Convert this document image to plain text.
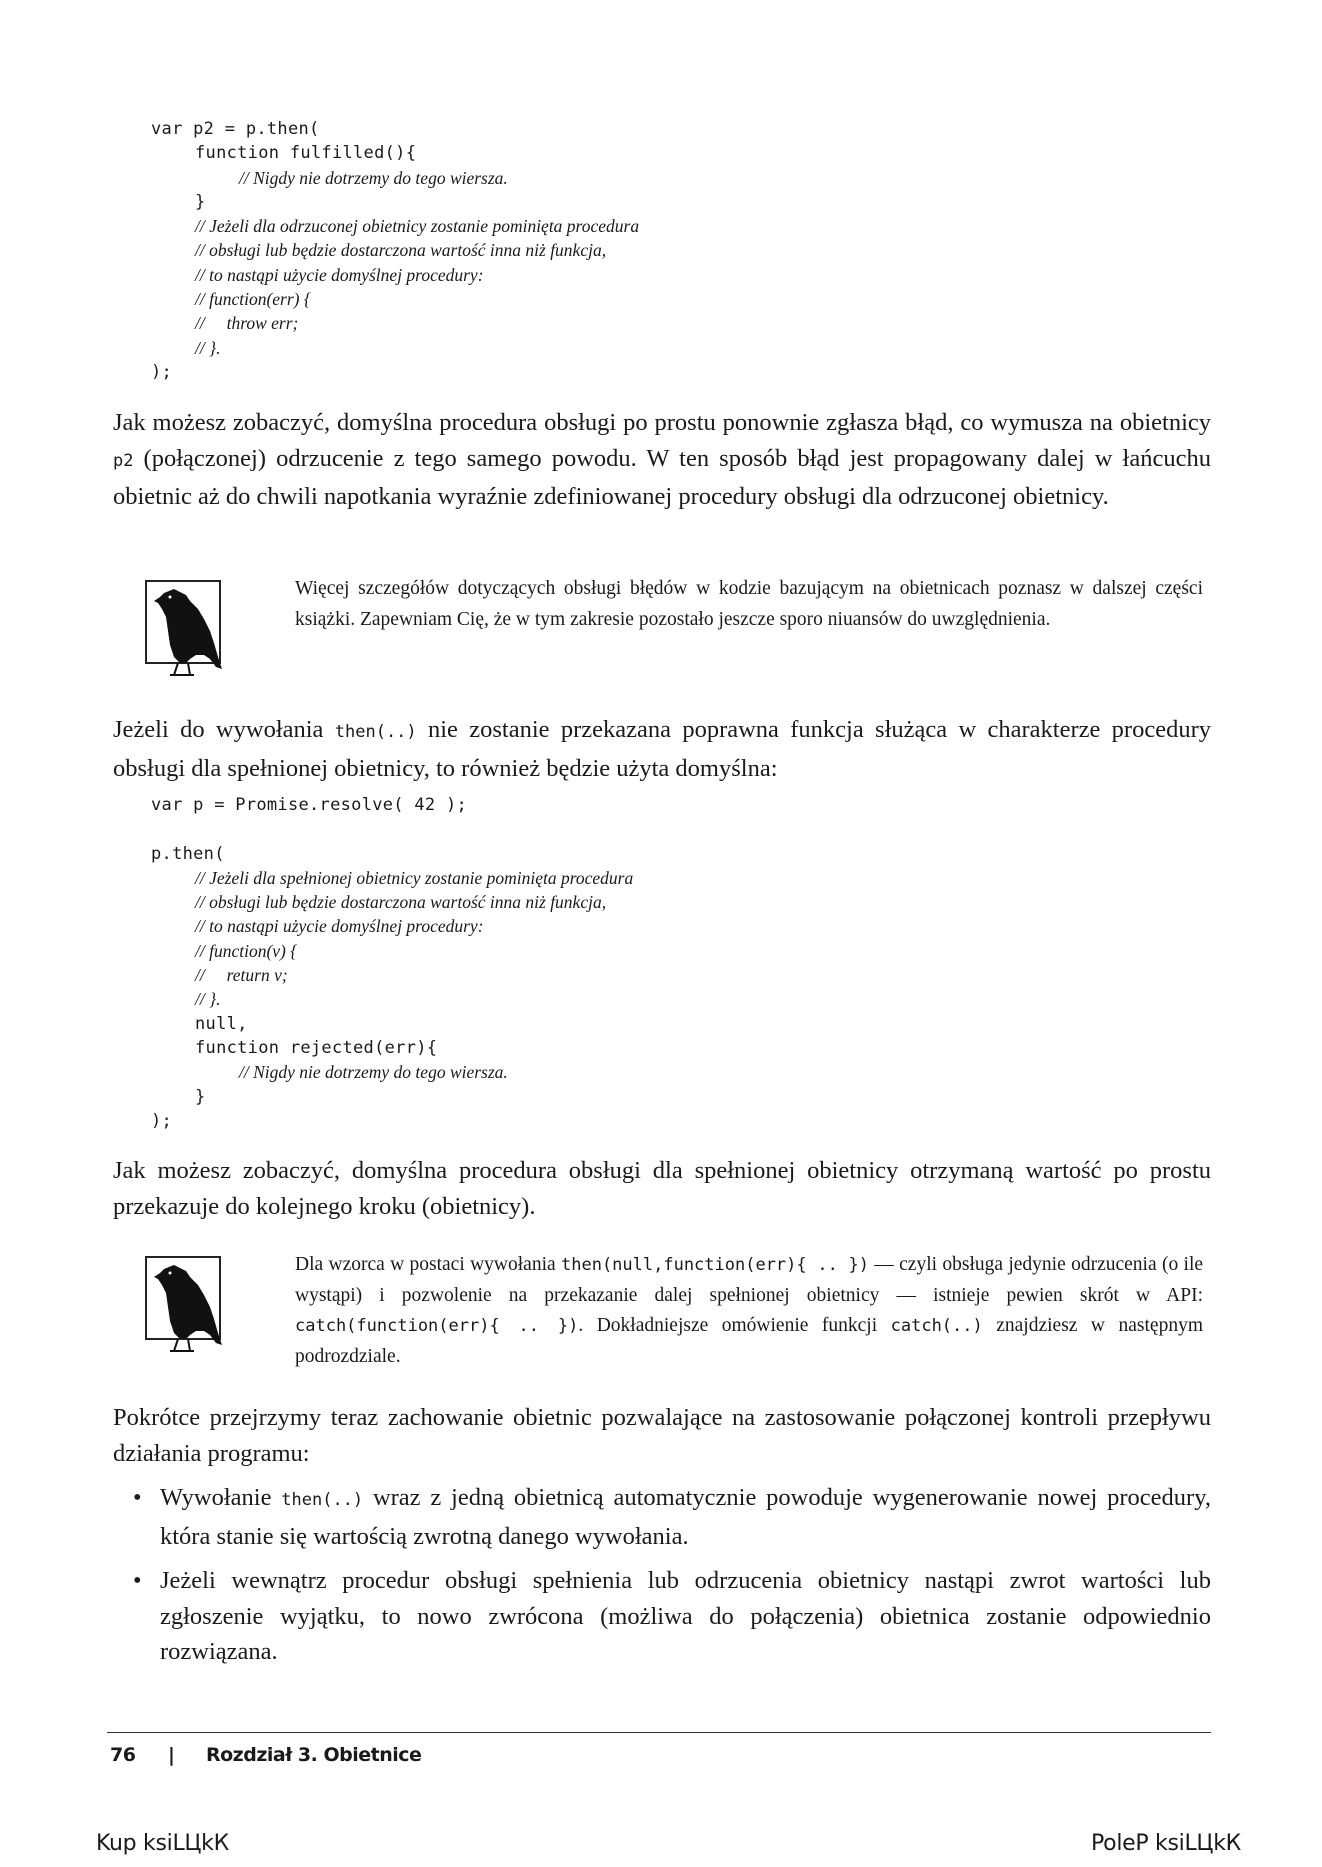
var p2 = p.then(
function fulfilled(){
// Nigdy nie dotrzemy do tego wiersza.
}
// Jeżeli dla odrzuconej obietnicy zostanie pominięta procedura
// obsługi lub będzie dostarczona wartość inna niż funkcja,
// to nastąpi użycie domyślnej procedury:
// function(err) {
//     throw err;
// }.
);

Jak możesz zobaczyć, domyślna procedura obsługi po prostu ponownie zgłasza błąd, co wymusza na obietnicy p2 (połączonej) odrzucenie z tego samego powodu. W ten sposób błąd jest propagowany dalej w łańcuchu obietnic aż do chwili napotkania wyraźnie zdefiniowanej procedury obsługi dla odrzuconej obietnicy.

Więcej szczegółów dotyczących obsługi błędów w kodzie bazującym na obietnicach poznasz w dalszej części książki. Zapewniam Cię, że w tym zakresie pozostało jeszcze sporo niuansów do uwzględnienia.

Jeżeli do wywołania then(..) nie zostanie przekazana poprawna funkcja służąca w charakterze procedury obsługi dla spełnionej obietnicy, to również będzie użyta domyślna:

var p = Promise.resolve( 42 );

p.then(
// Jeżeli dla spełnionej obietnicy zostanie pominięta procedura
// obsługi lub będzie dostarczona wartość inna niż funkcja,
// to nastąpi użycie domyślnej procedury:
// function(v) {
//     return v;
// }.
null,
function rejected(err){
// Nigdy nie dotrzemy do tego wiersza.
}
);

Jak możesz zobaczyć, domyślna procedura obsługi dla spełnionej obietnicy otrzymaną wartość po prostu przekazuje do kolejnego kroku (obietnicy).

Dla wzorca w postaci wywołania then(null,function(err){ .. }) — czyli obsługa jedynie odrzucenia (o ile wystąpi) i pozwolenie na przekazanie dalej spełnionej obietnicy — istnieje pewien skrót w API: catch(function(err){ .. }). Dokładniejsze omówienie funkcji catch(..) znajdziesz w następnym podrozdziale.

Pokrótce przejrzymy teraz zachowanie obietnic pozwalające na zastosowanie połączonej kontroli przepływu działania programu:

• Wywołanie then(..) wraz z jedną obietnicą automatycznie powoduje wygenerowanie nowej procedury, która stanie się wartością zwrotną danego wywołania.
• Jeżeli wewnątrz procedur obsługi spełnienia lub odrzucenia obietnicy nastąpi zwrot wartości lub zgłoszenie wyjątku, to nowo zwrócona (możliwa do połączenia) obietnica zostanie odpowiednio rozwiązana.
76 | Rozdział 3. Obietnice
Kup ksiLЦkК	PoleP ksiLЦkК
